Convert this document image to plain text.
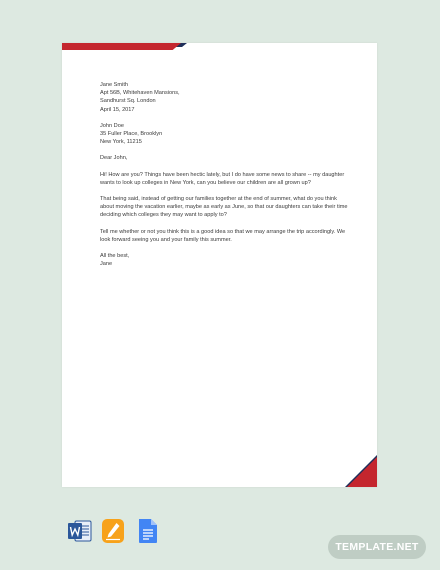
Jane Smith
Apt 56B, Whitehaven Mansions,
Sandhurst Sq. London
April 15, 2017
John Doe
35 Fuller Place, Brooklyn
New York, 11215
Dear John,
Hi! How are you? Things have been hectic lately, but I do have some news to share -- my daughter
wants to look up colleges in New York, can you believe our children are all grown up?
That being said, instead of getting our families together at the end of summer, what do you think
about moving the vacation earlier, maybe as early as June, so that our daughters can take their time
deciding which colleges they may want to apply to?
Tell me whether or not you think this is a good idea so that we may arrange the trip accordingly. We
look forward seeing you and your family this summer.
All the best,
Jane
TEMPLATE.NET
